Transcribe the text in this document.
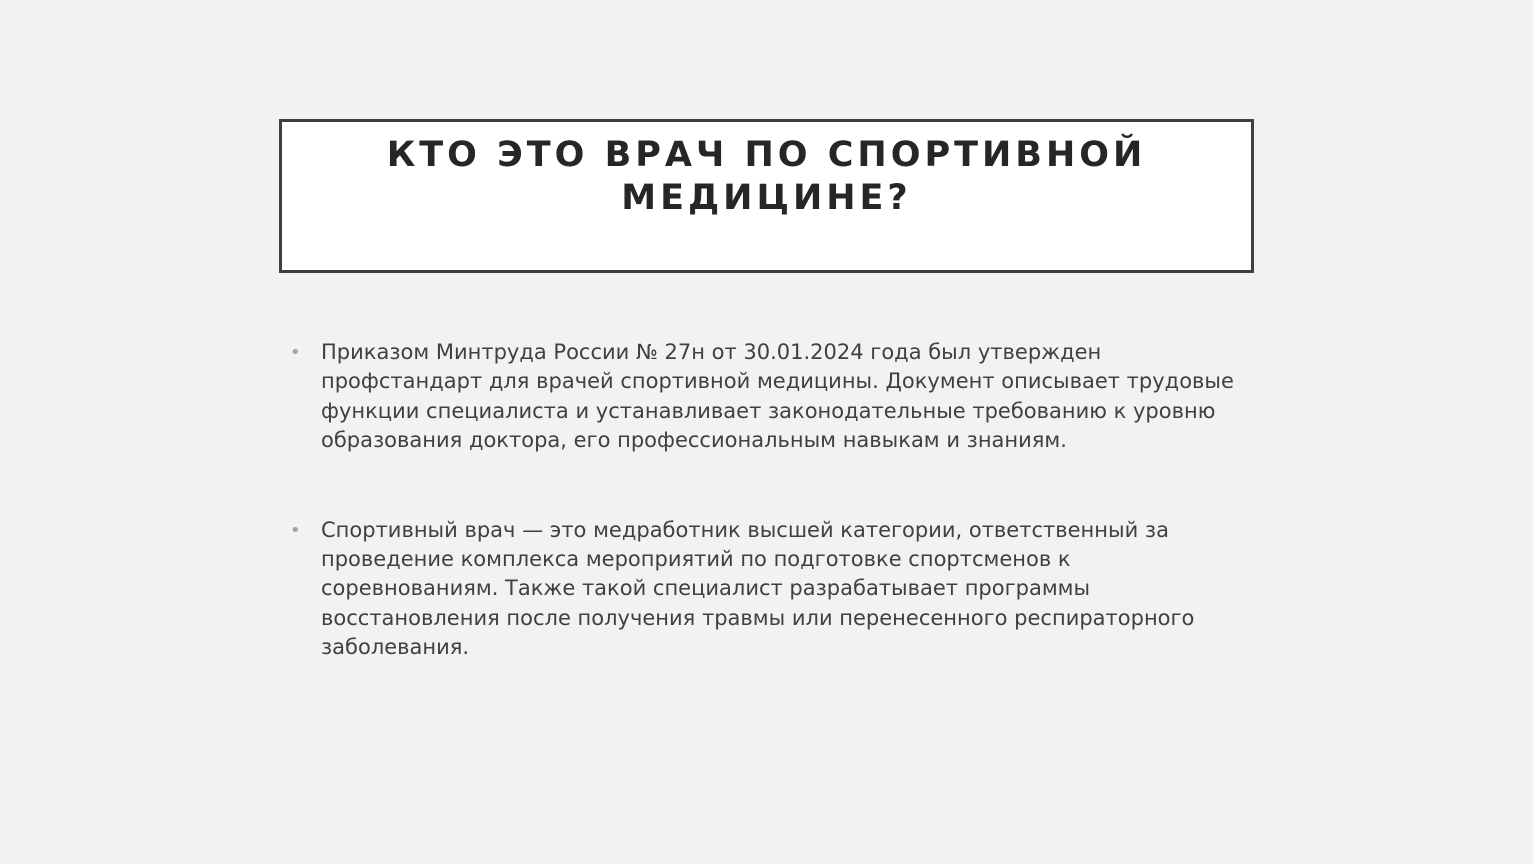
КТО ЭТО ВРАЧ ПО СПОРТИВНОЙ МЕДИЦИНЕ?
• Приказом Минтруда России № 27н от 30.01.2024 года был утвержден профстандарт для врачей спортивной медицины. Документ описывает трудовые функции специалиста и устанавливает законодательные требованию к уровню образования доктора, его профессиональным навыкам и знаниям.
• Спортивный врач — это медработник высшей категории, ответственный за проведение комплекса мероприятий по подготовке спортсменов к соревнованиям. Также такой специалист разрабатывает программы восстановления после получения травмы или перенесенного респираторного заболевания.
